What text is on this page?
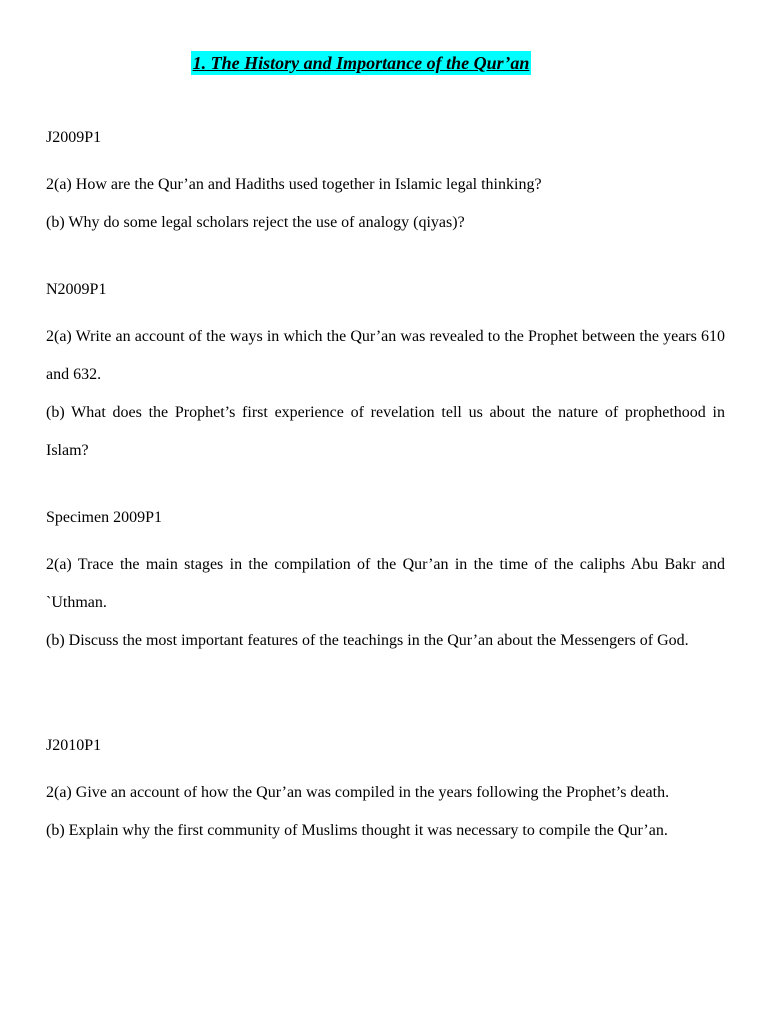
1. The History and Importance of the Qur’an
J2009P1
2(a) How are the Qur’an and Hadiths used together in Islamic legal thinking?
(b) Why do some legal scholars reject the use of analogy (qiyas)?
N2009P1
2(a) Write an account of the ways in which the Qur’an was revealed to the Prophet between the years 610 and 632.
(b) What does the Prophet’s first experience of revelation tell us about the nature of prophethood in Islam?
Specimen 2009P1
2(a) Trace the main stages in the compilation of the Qur’an in the time of the caliphs Abu Bakr and `Uthman.
(b) Discuss the most important features of the teachings in the Qur’an about the Messengers of God.
J2010P1
2(a) Give an account of how the Qur’an was compiled in the years following the Prophet’s death.
(b) Explain why the first community of Muslims thought it was necessary to compile the Qur’an.
